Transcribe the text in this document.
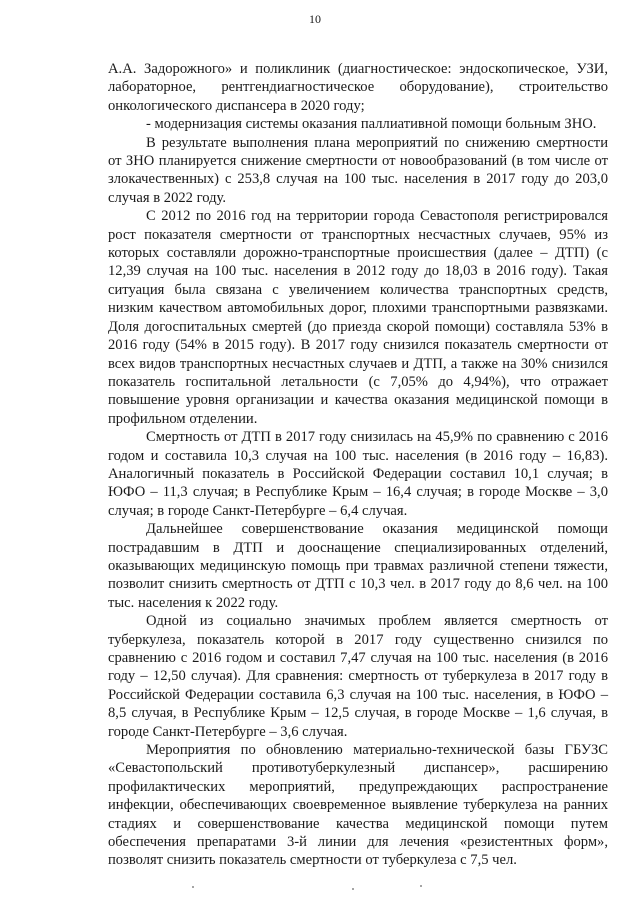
10

А.А. Задорожного» и поликлиник (диагностическое: эндоскопическое, УЗИ, лабораторное, рентгендиагностическое оборудование), строительство онкологического диспансера в 2020 году;

- модернизация системы оказания паллиативной помощи больным ЗНО.

В результате выполнения плана мероприятий по снижению смертности от ЗНО планируется снижение смертности от новообразований (в том числе от злокачественных) с 253,8 случая на 100 тыс. населения в 2017 году до 203,0 случая в 2022 году.

С 2012 по 2016 год на территории города Севастополя регистрировался рост показателя смертности от транспортных несчастных случаев, 95% из которых составляли дорожно-транспортные происшествия (далее – ДТП) (с 12,39 случая на 100 тыс. населения в 2012 году до 18,03 в 2016 году). Такая ситуация была связана с увеличением количества транспортных средств, низким качеством автомобильных дорог, плохими транспортными развязками. Доля догоспитальных смертей (до приезда скорой помощи) составляла 53% в 2016 году (54% в 2015 году). В 2017 году снизился показатель смертности от всех видов транспортных несчастных случаев и ДТП, а также на 30% снизился показатель госпитальной летальности (с 7,05% до 4,94%), что отражает повышение уровня организации и качества оказания медицинской помощи в профильном отделении.

Смертность от ДТП в 2017 году снизилась на 45,9% по сравнению с 2016 годом и составила 10,3 случая на 100 тыс. населения (в 2016 году – 16,83). Аналогичный показатель в Российской Федерации составил 10,1 случая; в ЮФО – 11,3 случая; в Республике Крым – 16,4 случая; в городе Москве – 3,0 случая; в городе Санкт-Петербурге – 6,4 случая.

Дальнейшее совершенствование оказания медицинской помощи пострадавшим в ДТП и дооснащение специализированных отделений, оказывающих медицинскую помощь при травмах различной степени тяжести, позволит снизить смертность от ДТП с 10,3 чел. в 2017 году до 8,6 чел. на 100 тыс. населения к 2022 году.

Одной из социально значимых проблем является смертность от туберкулеза, показатель которой в 2017 году существенно снизился по сравнению с 2016 годом и составил 7,47 случая на 100 тыс. населения (в 2016 году – 12,50 случая). Для сравнения: смертность от туберкулеза в 2017 году в Российской Федерации составила 6,3 случая на 100 тыс. населения, в ЮФО – 8,5 случая, в Республике Крым – 12,5 случая, в городе Москве – 1,6 случая, в городе Санкт-Петербурге – 3,6 случая.

Мероприятия по обновлению материально-технической базы ГБУЗС «Севастопольский противотуберкулезный диспансер», расширению профилактических мероприятий, предупреждающих распространение инфекции, обеспечивающих своевременное выявление туберкулеза на ранних стадиях и совершенствование качества медицинской помощи путем обеспечения препаратами 3-й линии для лечения «резистентных форм», позволят снизить показатель смертности от туберкулеза с 7,5 чел.
